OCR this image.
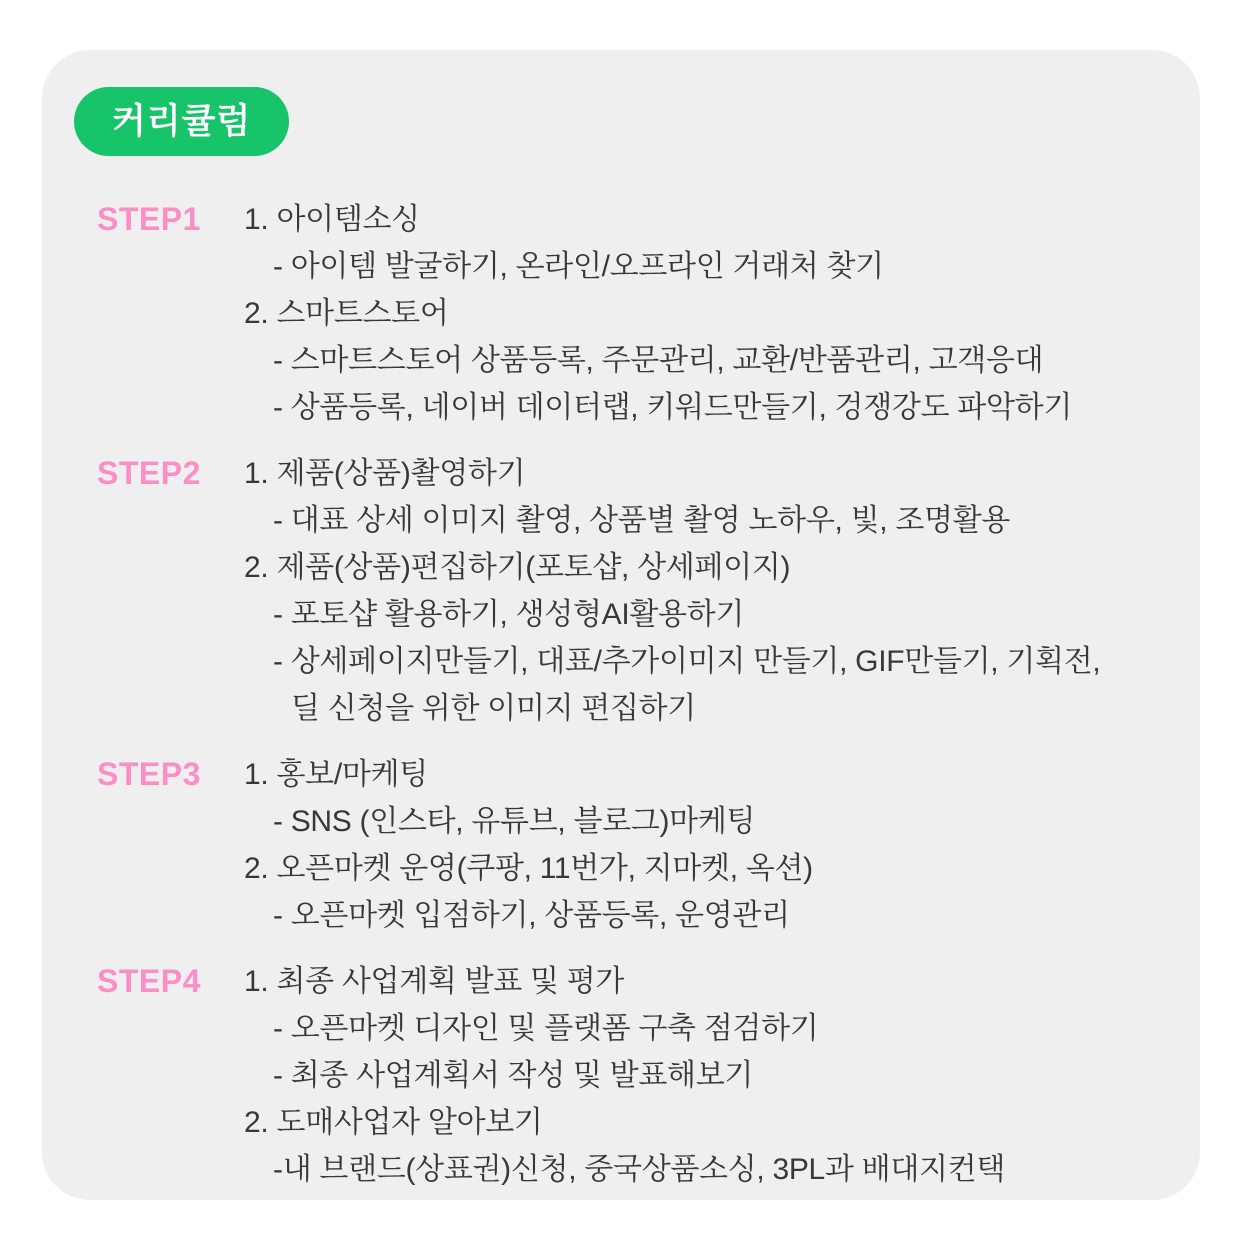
커리큘럼
STEP1	1. 아이템소싱
- 아이템 발굴하기, 온라인/오프라인 거래처 찾기
2. 스마트스토어
- 스마트스토어 상품등록, 주문관리, 교환/반품관리, 고객응대
- 상품등록, 네이버 데이터랩, 키워드만들기, 겅쟁강도 파악하기
STEP2	1. 제품(상품)촬영하기
- 대표 상세 이미지 촬영, 상품별 촬영 노하우, 빛, 조명활용
2. 제품(상품)편집하기(포토샵, 상세페이지)
- 포토샵 활용하기, 생성형AI활용하기
- 상세페이지만들기, 대표/추가이미지 만들기, GIF만들기, 기획전,
딜 신청을 위한 이미지 편집하기
STEP3	1. 홍보/마케팅
- SNS (인스타, 유튜브, 블로그)마케팅
2. 오픈마켓 운영(쿠팡, 11번가, 지마켓, 옥션)
- 오픈마켓 입점하기, 상품등록, 운영관리
STEP4	1. 최종 사업계획 발표 및 평가
- 오픈마켓 디자인 및 플랫폼 구축 점검하기
- 최종 사업계획서 작성 및 발표해보기
2. 도매사업자 알아보기
-내 브랜드(상표권)신청, 중국상품소싱, 3PL과 배대지컨택
